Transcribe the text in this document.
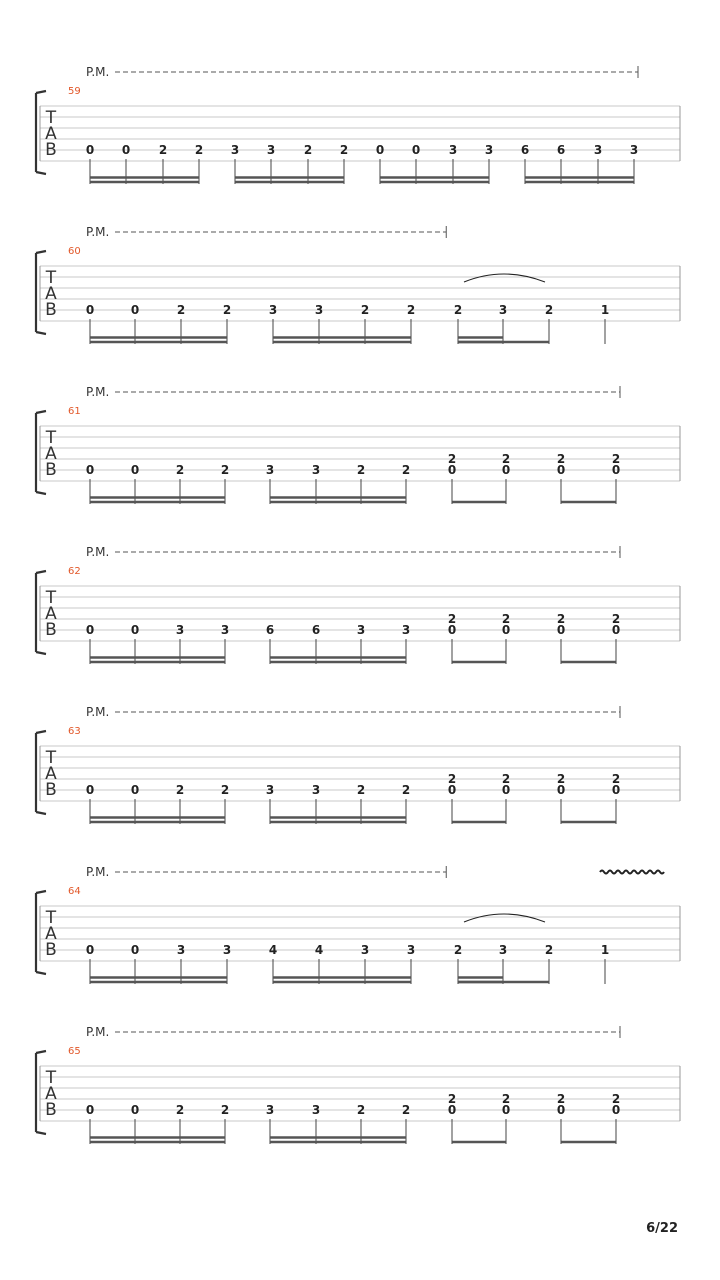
T
A
B
59
P.M.
0 0 2 2 3 3 2 2 0 0 3 3 6 6 3 3
T
A
B
60
P.M.
0	0	2	2	3	3	2	2	2	3	2	1
T
A
B
61
P.M.
0	0	2	2	3	3	2	2
2
0
2
0
2
0
2
0
T
A
B
62
P.M.
0	0	3	3	6	6	3	3
2
0
2
0
2
0
2
0
T
A
B
63
P.M.
0	0	2	2	3	3	2	2
2
0
2
0
2
0
2
0
T
A
B
64
P.M.
0	0	3	3	4	4	3	3	2	3	2	1
T
A
B
65
P.M.
0	0	2	2	3	3	2	2
2
0
2
0
2
0
2
0
6/22
